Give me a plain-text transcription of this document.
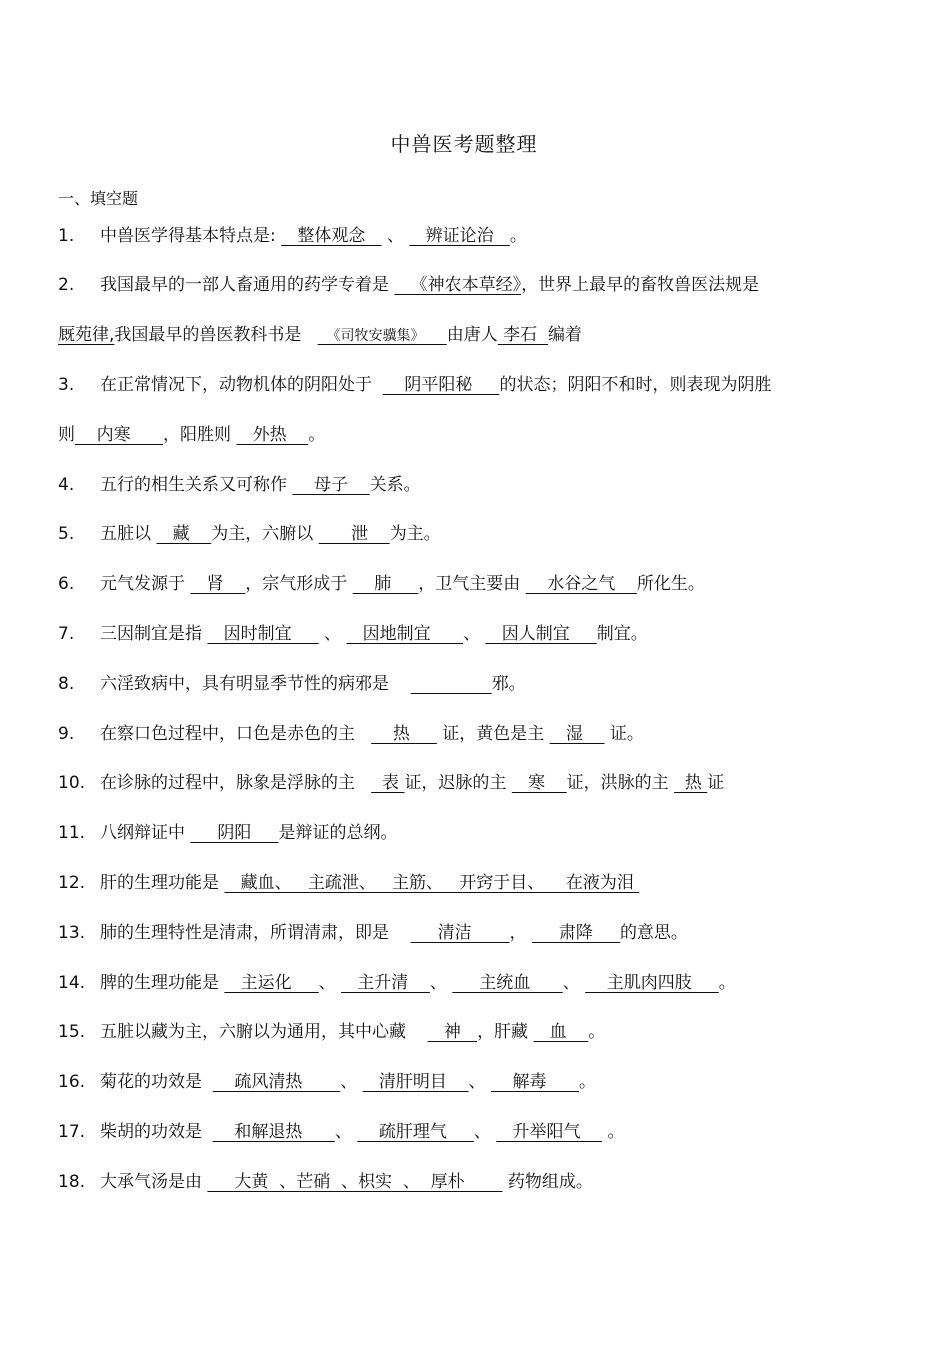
中兽医考题整理
一、填空题
1. 中兽医学得基本特点是:    整体观念    、    辨证论治   。
2. 我国最早的一部人畜通用的药学专着是    《神农本草经》，世界上最早的畜牧兽医法规是
厩苑律,我国最早的兽医教科书是     《司牧安骥集》     由唐人 李石  编着
3. 在正常情况下，动物机体的阴阳处于      阴平阳秘     的状态；阴阳不和时，则表现为阴胜
则    内寒      ，阳胜则    外热    。
4. 五行的相生关系又可称作     母子    关系。
5. 五脏以    藏    为主，六腑以       泄    为主。
6. 元气发源于    肾    ，宗气形成于     肺     ，卫气主要由     水谷之气    所化生。
7. 三因制宜是指    因时制宜      、    因地制宜      、    因人制宜     制宜。
8. 六淫致病中，具有明显季节性的病邪是	邪。
9. 在察口色过程中，口色是赤色的主       热      证，黄色是主    湿     证。
10. 在诊脉的过程中，脉象是浮脉的主     表 证，迟脉的主    寒    证，洪脉的主   热 证
11. 八纲辩证中      阴阳     是辩证的总纲。
12. 肝的生理功能是    藏血、   主疏泄、   主筋、   开窍于目、    在液为泪
13. 肺的生理特性是清肃，所谓清肃，即是         清洁       ，      肃降     的意思。
14. 脾的生理功能是    主运化     、    主升清    、      主统血      、     主肌肉四肢     。
15. 五脏以藏为主，六腑以为通用，其中心藏       神   ，肝藏    血    。
16. 菊花的功效是      疏风清热       、    清肝明目    、     解毒      。
17. 柴胡的功效是      和解退热      、     疏肝理气     、    升举阳气     。
18. 大承气汤是由      大黄  、芒硝  、枳实  、  厚朴        药物组成。
